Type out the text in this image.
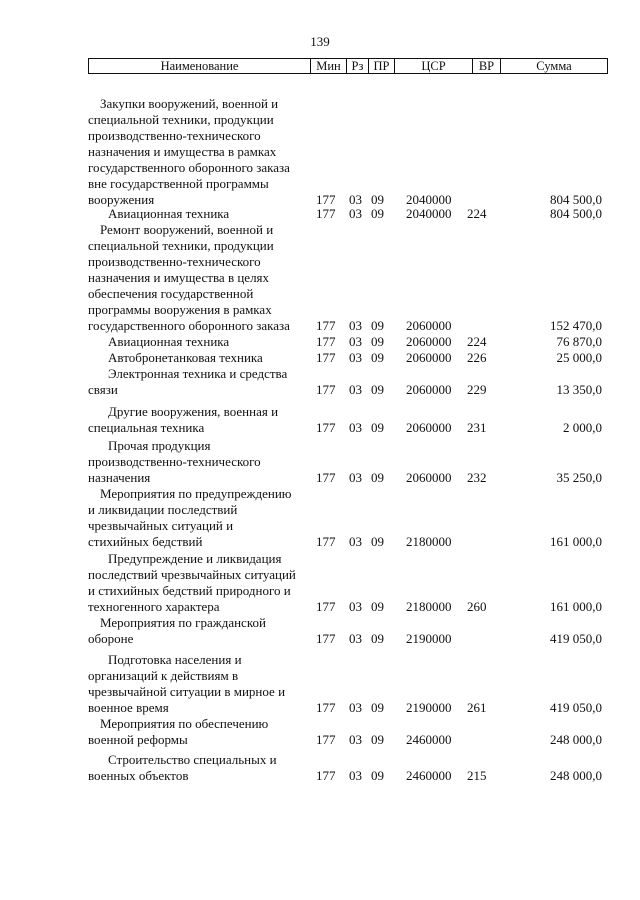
139
Наименование	Мин Рз ПР	ЦСР	ВР	Сумма
Закупки вооружений, военной и
специальной техники, продукции
производственно-технического
назначения и имущества в рамках
государственного оборонного заказа
вне государственной программы
вооружения	177 03 09 2040000	804 500,0
Авиационная техника	177 03 09 2040000 224	804 500,0
Ремонт вооружений, военной и
специальной техники, продукции
производственно-технического
назначения и имущества в целях
обеспечения государственной
программы вооружения в рамках
государственного оборонного заказа	177 03 09 2060000	152 470,0
Авиационная техника	177 03 09 2060000 224	76 870,0
Автобронетанковая техника	177 03 09 2060000 226	25 000,0
Электронная техника и средства
связи	177 03 09 2060000 229	13 350,0
Другие вооружения, военная и
специальная техника	177 03 09 2060000 231	2 000,0
Прочая продукция
производственно-технического
назначения	177 03 09 2060000 232	35 250,0
Мероприятия по предупреждению
и ликвидации последствий
чрезвычайных ситуаций и
стихийных бедствий	177 03 09 2180000	161 000,0
Предупреждение и ликвидация
последствий чрезвычайных ситуаций
и стихийных бедствий природного и
техногенного характера	177 03 09 2180000 260	161 000,0
Мероприятия по гражданской
обороне	177 03 09 2190000	419 050,0
Подготовка населения и
организаций к действиям в
чрезвычайной ситуации в мирное и
военное время	177 03 09 2190000 261	419 050,0
Мероприятия по обеспечению
военной реформы	177 03 09 2460000	248 000,0
Строительство специальных и
военных объектов	177 03 09 2460000 215	248 000,0
